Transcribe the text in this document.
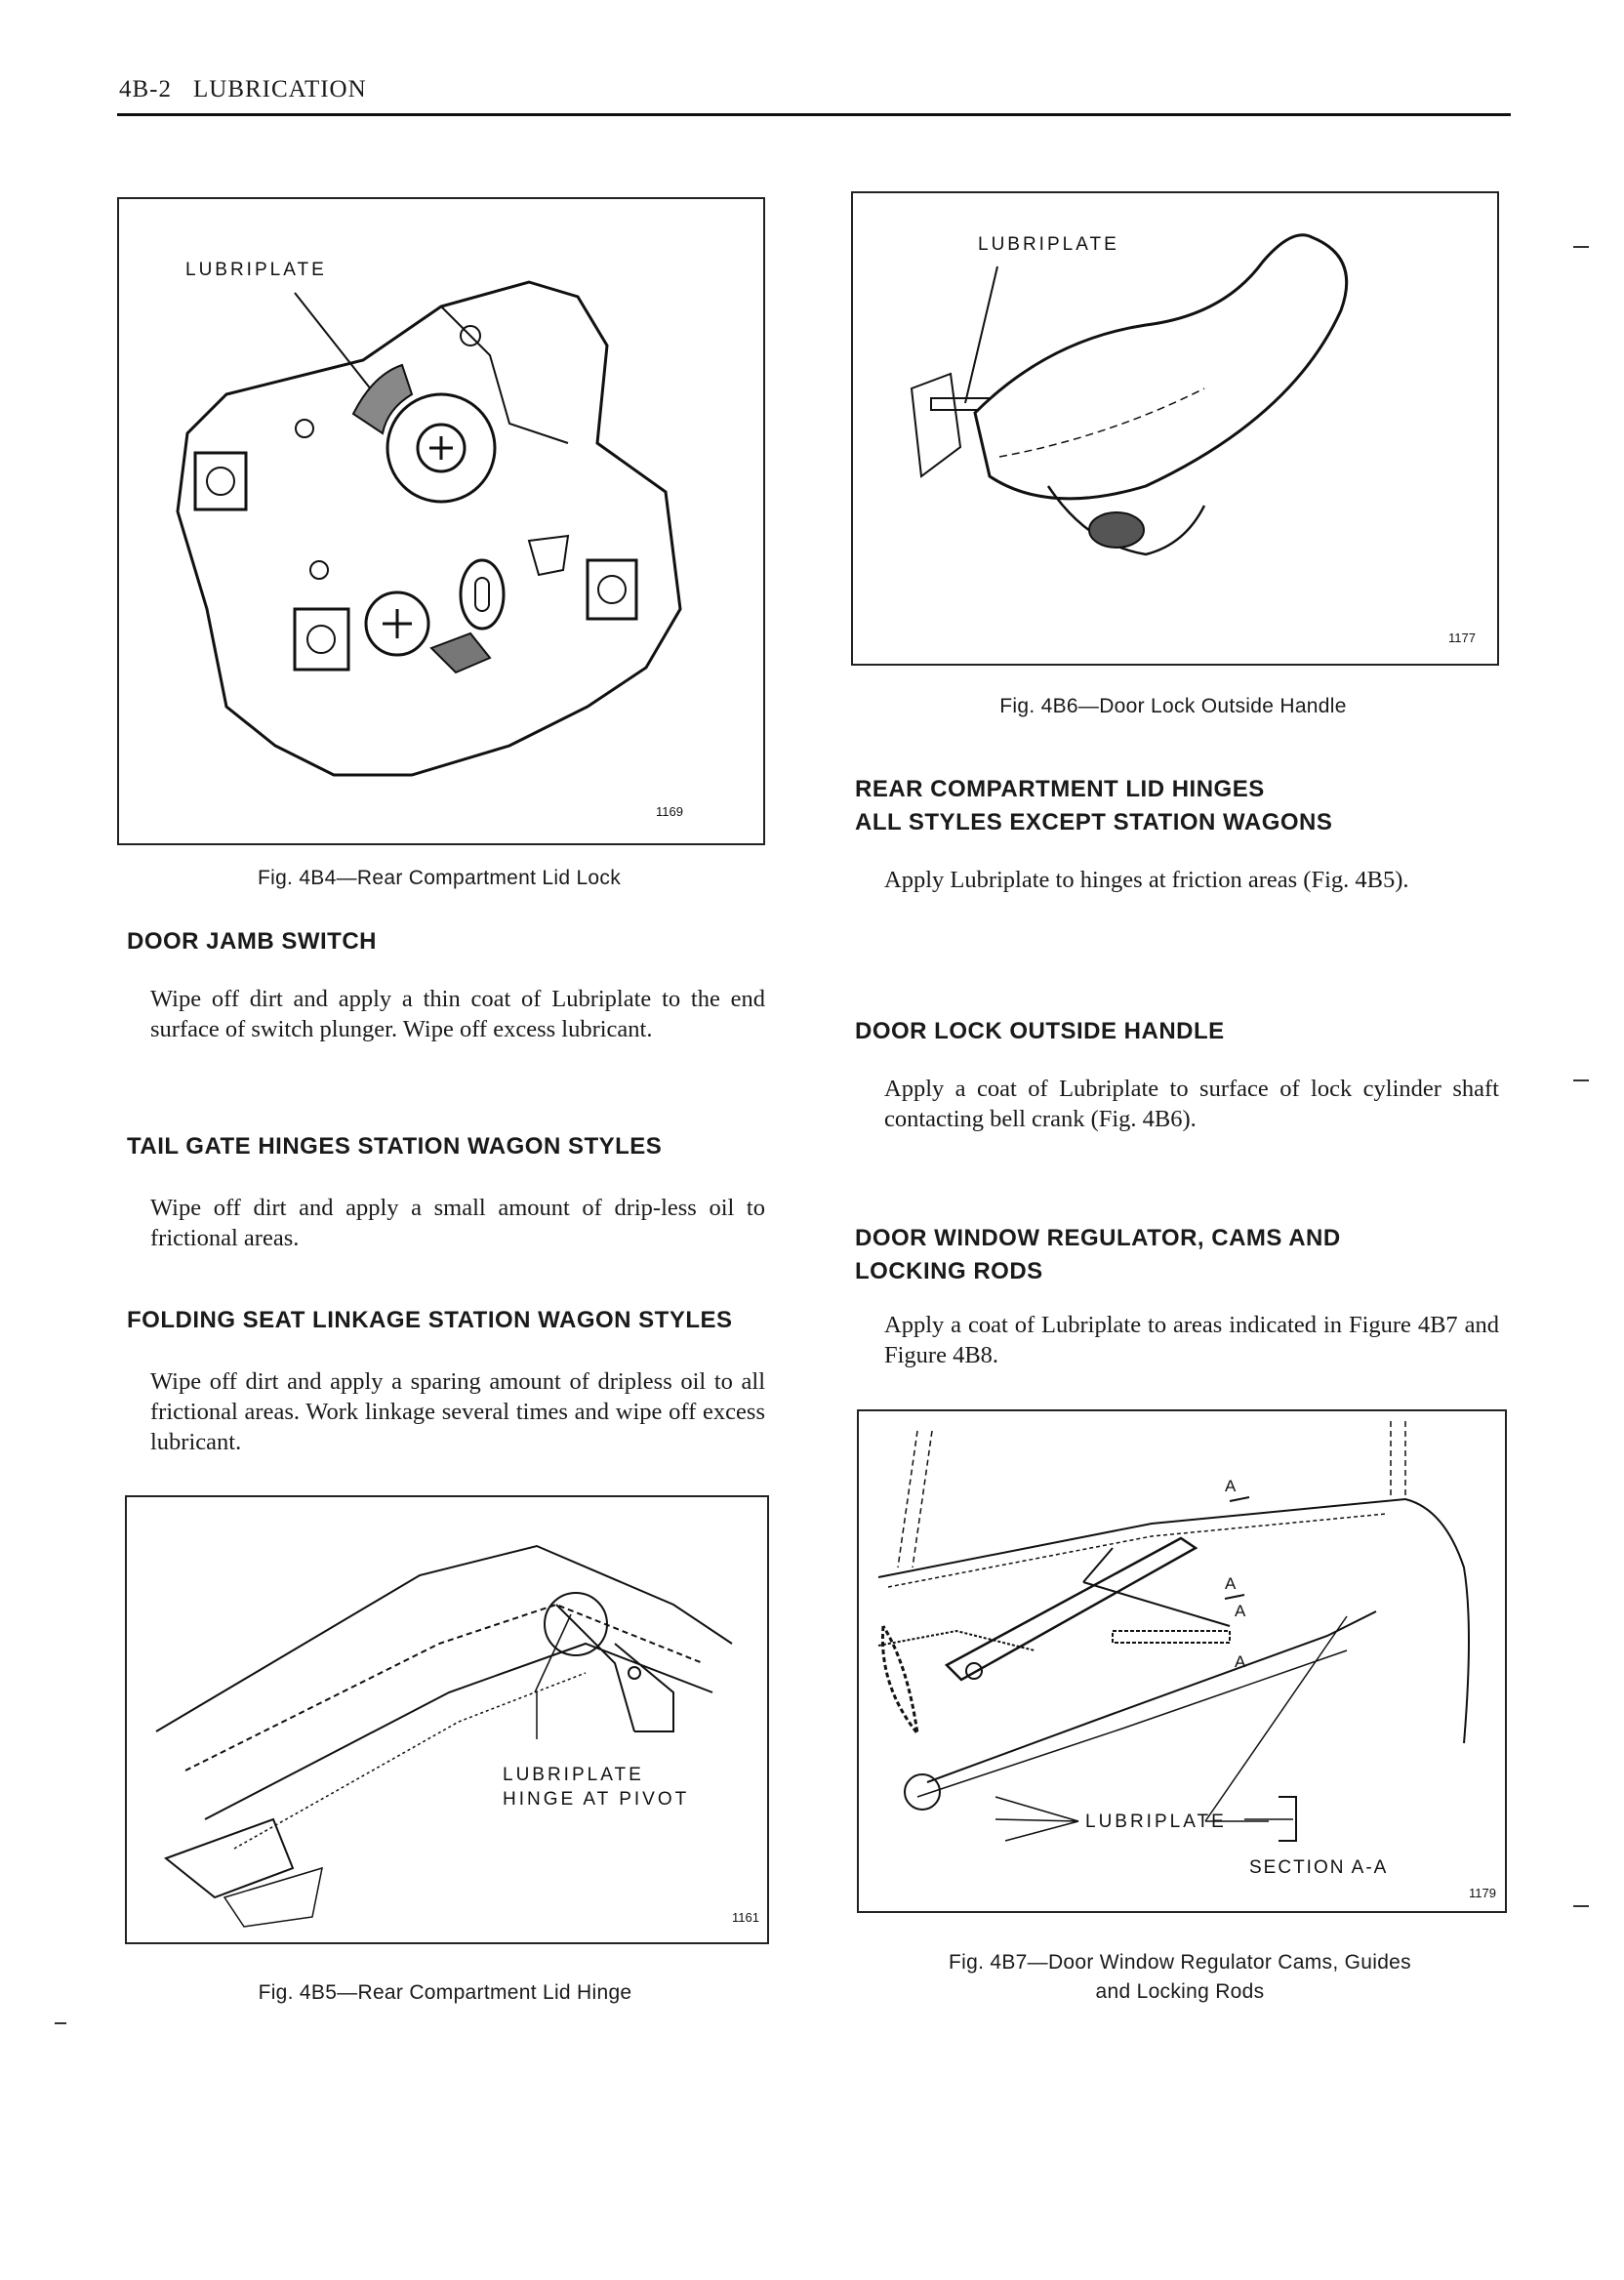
4B-2 LUBRICATION
LUBRIPLATE
1169
Fig. 4B4—Rear Compartment Lid Lock
DOOR JAMB SWITCH
Wipe off dirt and apply a thin coat of Lubriplate to the end surface of switch plunger. Wipe off excess lubricant.
TAIL GATE HINGES STATION WAGON STYLES
Wipe off dirt and apply a small amount of drip-less oil to frictional areas.
FOLDING SEAT LINKAGE STATION WAGON STYLES
Wipe off dirt and apply a sparing amount of dripless oil to all frictional areas. Work linkage several times and wipe off excess lubricant.
LUBRIPLATE
HINGE AT PIVOT
1161
Fig. 4B5—Rear Compartment Lid Hinge
LUBRIPLATE
1177
Fig. 4B6—Door Lock Outside Handle
REAR COMPARTMENT LID HINGES
ALL STYLES EXCEPT STATION WAGONS
Apply Lubriplate to hinges at friction areas (Fig. 4B5).
DOOR LOCK OUTSIDE HANDLE
Apply a coat of Lubriplate to surface of lock cylinder shaft contacting bell crank (Fig. 4B6).
DOOR WINDOW REGULATOR, CAMS AND
LOCKING RODS
Apply a coat of Lubriplate to areas indicated in Figure 4B7 and Figure 4B8.
A
A
A
A
LUBRIPLATE
SECTION A-A
1179
Fig. 4B7—Door Window Regulator Cams, Guides
and Locking Rods
